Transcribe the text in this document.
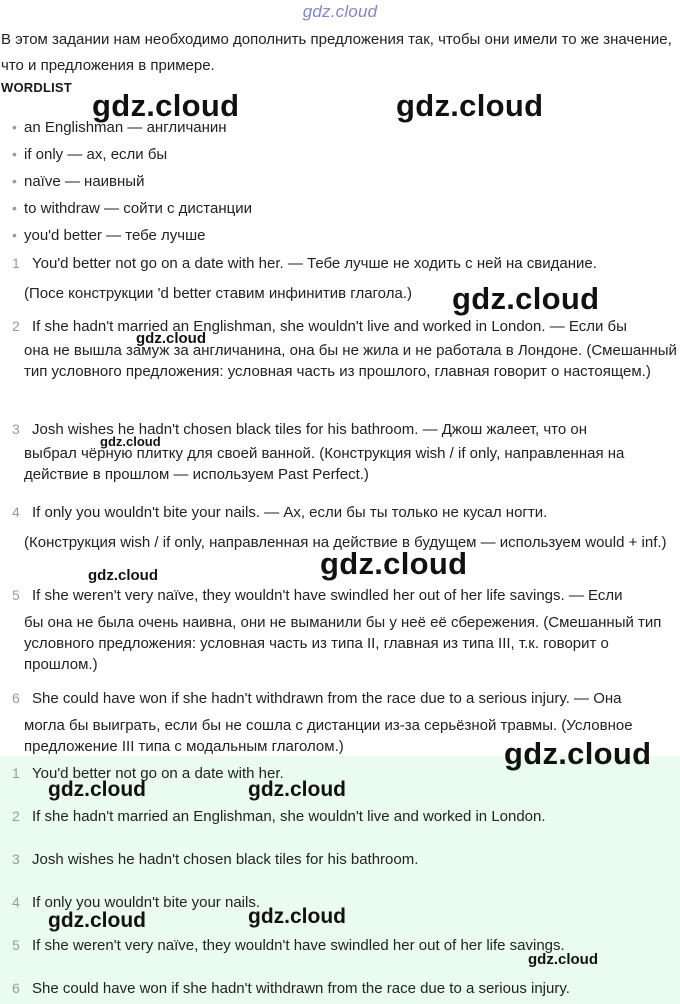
gdz.cloud
В этом задании нам необходимо дополнить предложения так, чтобы они имели то же значение, что и предложения в примере.
WORDLIST
• an Englishman — англичанин
• if only — ах, если бы
• naïve — наивный
• to withdraw — сойти с дистанции
• you'd better — тебе лучше
1 You'd better not go on a date with her. — Тебе лучше не ходить с ней на свидание.
(Посе конструкции 'd better ставим инфинитив глагола.)
2 If she hadn't married an Englishman, she wouldn't live and worked in London. — Если бы
она не вышла замуж за англичанина, она бы не жила и не работала в Лондоне. (Смешанный тип условного предложения: условная часть из прошлого, главная говорит о настоящем.)
3 Josh wishes he hadn't chosen black tiles for his bathroom. — Джош жалеет, что он
выбрал чёрную плитку для своей ванной. (Конструкция wish / if only, направленная на действие в прошлом — используем Past Perfect.)
4 If only you wouldn't bite your nails. — Ах, если бы ты только не кусал ногти.
(Конструкция wish / if only, направленная на действие в будущем — используем would + inf.)
5 If she weren't very naïve, they wouldn't have swindled her out of her life savings. — Если
бы она не была очень наивна, они не выманили бы у неё её сбережения. (Смешанный тип условного предложения: условная часть из типа II, главная из типа III, т.к. говорит о прошлом.)
6 She could have won if she hadn't withdrawn from the race due to a serious injury. — Она
могла бы выиграть, если бы не сошла с дистанции из-за серьёзной травмы. (Условное предложение III типа с модальным глаголом.)
1 You'd better not go on a date with her.
2 If she hadn't married an Englishman, she wouldn't live and worked in London.
3 Josh wishes he hadn't chosen black tiles for his bathroom.
4 If only you wouldn't bite your nails.
5 If she weren't very naïve, they wouldn't have swindled her out of her life savings.
6 She could have won if she hadn't withdrawn from the race due to a serious injury.
gdz.cloud	gdz.cloud
gdz.cloud
gdz.cloud
gdz.cloud
gdz.cloud
gdz.cloud
gdz.cloud
gdz.cloud	gdz.cloud
gdz.cloud	gdz.cloud
gdz.cloud
